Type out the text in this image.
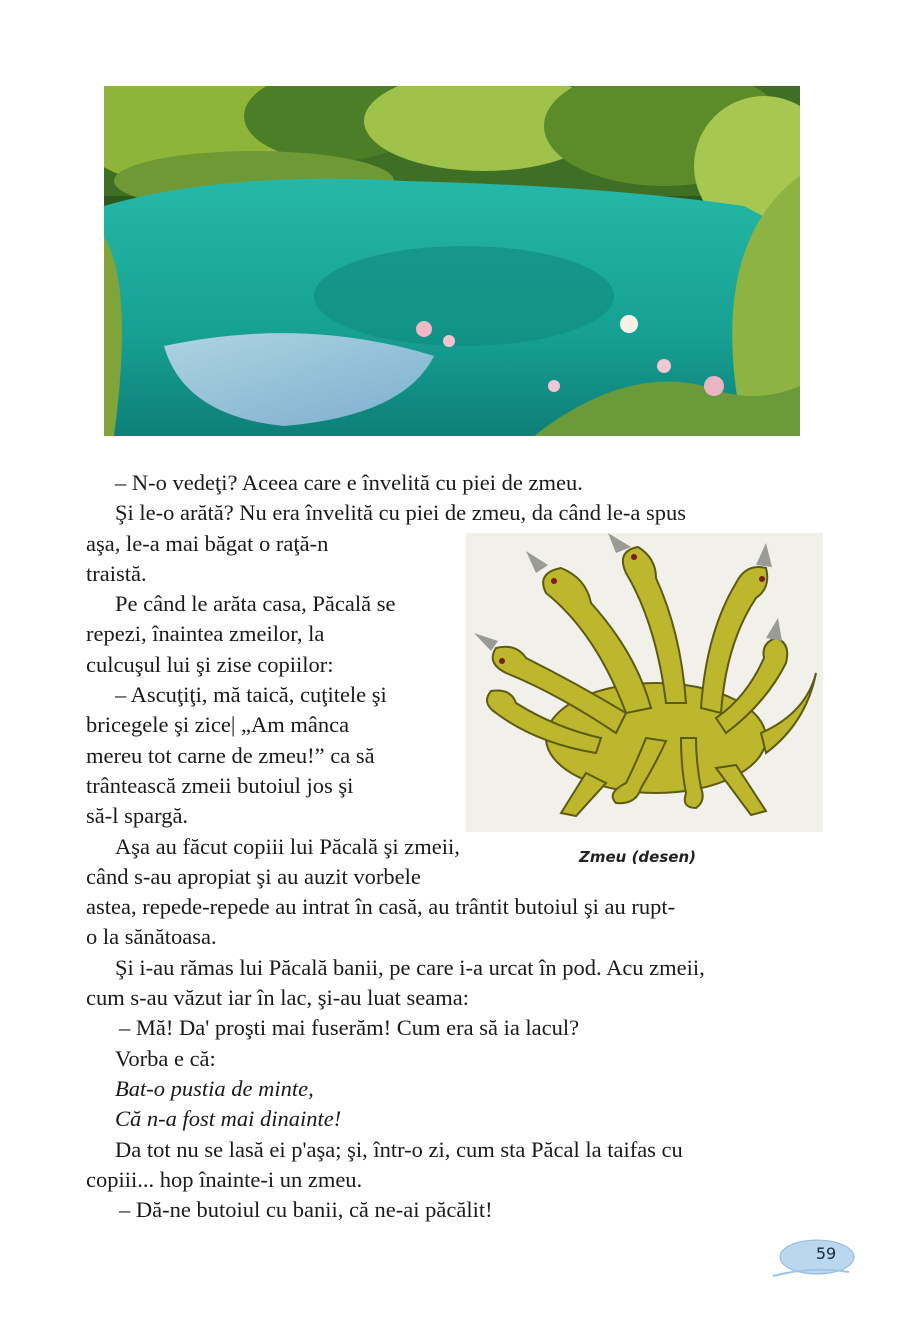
– N-o vedeţi? Aceea care e învelită cu piei de zmeu.

Şi le-o arătă? Nu era învelită cu piei de zmeu, da când le-a spus

aşa, le-a mai băgat o raţă-n

traistă.

Pe când le arăta casa, Păcală se

repezi, înaintea zmeilor, la

culcuşul lui şi zise copiilor:

– Ascuţiţi, mă taică, cuţitele şi

bricegele şi zice| „Am mânca

mereu tot carne de zmeu!” ca să

trântească zmeii butoiul jos şi

să-l spargă.

Aşa au făcut copiii lui Păcală şi zmeii,

când s-au apropiat şi au auzit vorbele

astea, repede-repede au intrat în casă, au trântit butoiul şi au rupt-

o la sănătoasa.

Şi i-au rămas lui Păcală banii, pe care i-a urcat în pod. Acu zmeii,

cum s-au văzut iar în lac, şi-au luat seama:

– Mă! Da' proşti mai fuserăm! Cum era să ia lacul?

Vorba e că:

Bat-o pustia de minte,

Că n-a fost mai dinainte!

Da tot nu se lasă ei p'aşa; şi, într-o zi, cum sta Păcal la taifas cu

copiii... hop înainte-i un zmeu.

– Dă-ne butoiul cu banii, că ne-ai păcălit!

Zmeu (desen)
59
